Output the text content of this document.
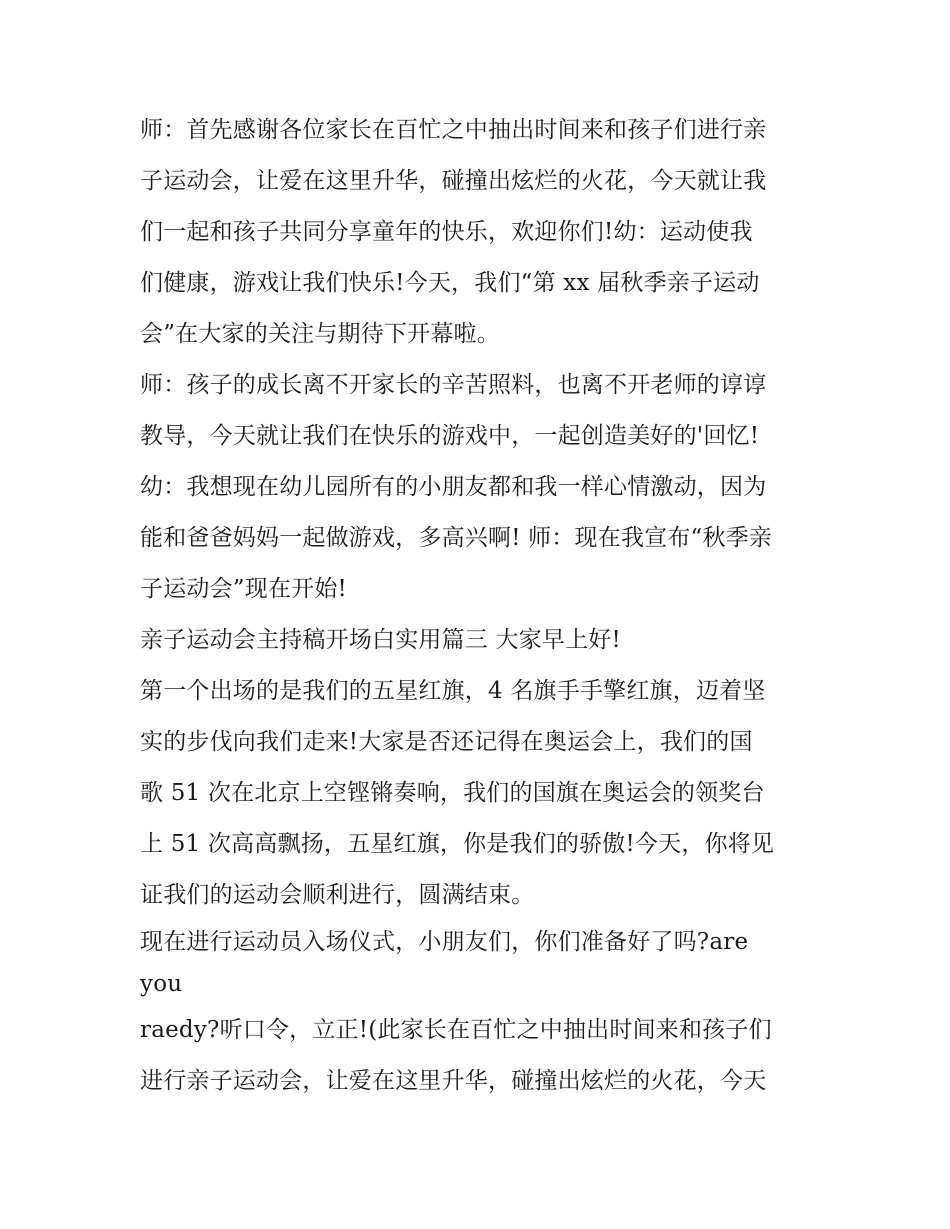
师：首先感谢各位家长在百忙之中抽出时间来和孩子们进行亲
子运动会，让爱在这里升华，碰撞出炫烂的火花，今天就让我
们一起和孩子共同分享童年的快乐，欢迎你们!幼：运动使我
们健康，游戏让我们快乐!今天，我们“第 xx 届秋季亲子运动
会”在大家的关注与期待下开幕啦。
师：孩子的成长离不开家长的辛苦照料，也离不开老师的谆谆
教导，今天就让我们在快乐的游戏中，一起创造美好的'回忆!
幼：我想现在幼儿园所有的小朋友都和我一样心情激动，因为
能和爸爸妈妈一起做游戏，多高兴啊! 师：现在我宣布“秋季亲
子运动会”现在开始!
亲子运动会主持稿开场白实用篇三 大家早上好!
第一个出场的是我们的五星红旗，4 名旗手手擎红旗，迈着坚
实的步伐向我们走来!大家是否还记得在奥运会上，我们的国
歌 51 次在北京上空铿锵奏响，我们的国旗在奥运会的领奖台
上 51 次高高飘扬，五星红旗，你是我们的骄傲!今天，你将见
证我们的运动会顺利进行，圆满结束。
现在进行运动员入场仪式，小朋友们，你们准备好了吗?are
you
raedy?听口令，立正!(此家长在百忙之中抽出时间来和孩子们
进行亲子运动会，让爱在这里升华，碰撞出炫烂的火花，今天
